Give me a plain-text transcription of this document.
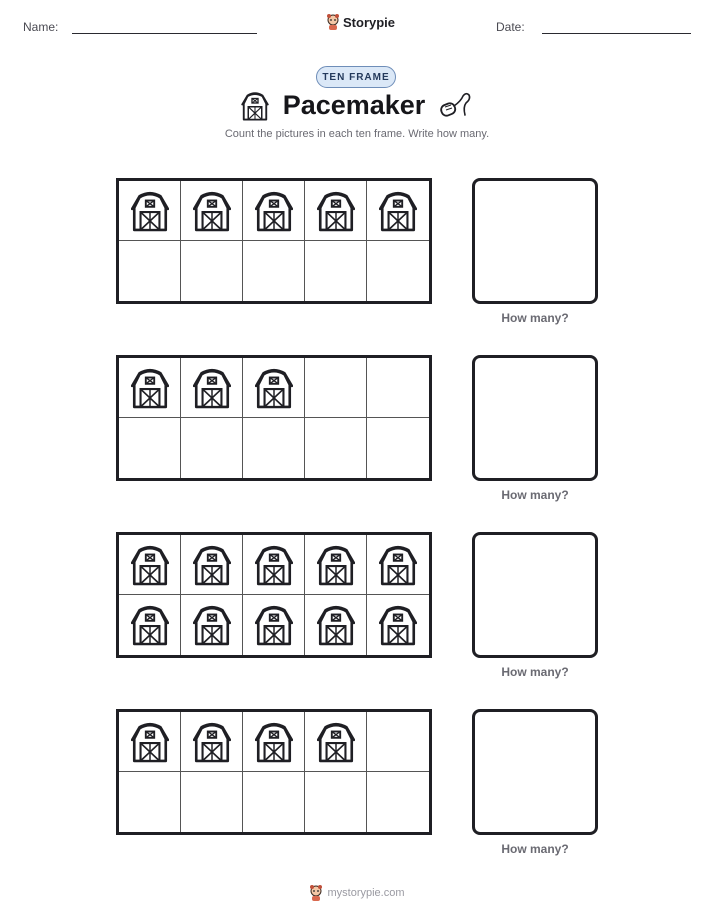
Name:	Storypie	Date:
TEN FRAME
Pacemaker
Count the pictures in each ten frame. Write how many.
How many?
How many?
How many?
How many?
mystorypie.com
